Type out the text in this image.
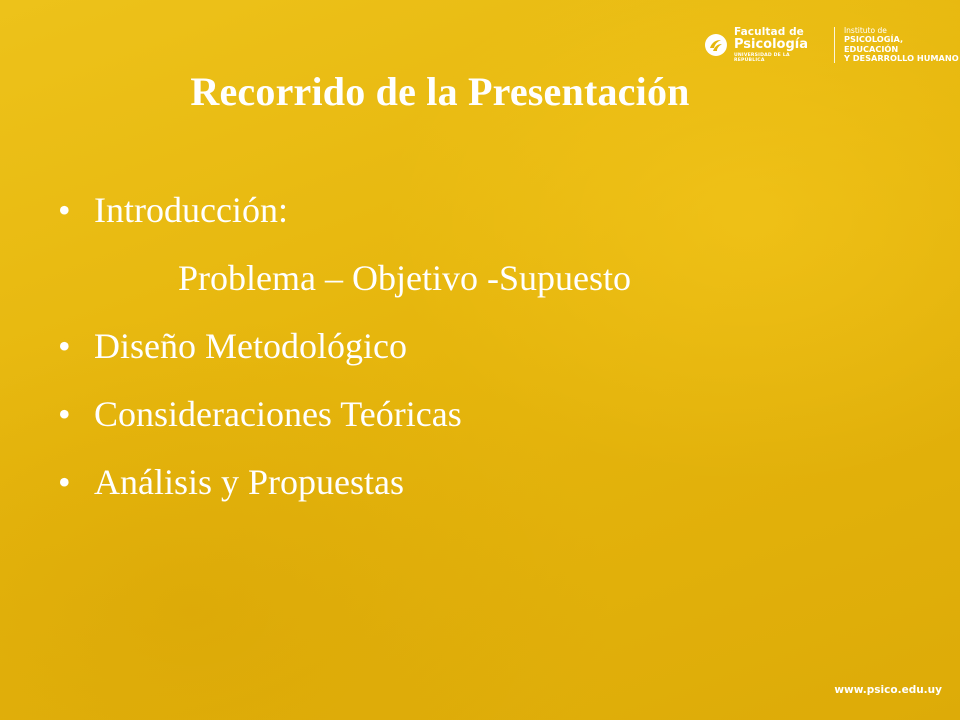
Facultad de
Psicología
UNIVERSIDAD DE LA REPÚBLICA
Instituto de
PSICOLOGÍA, EDUCACIÓN
Y DESARROLLO HUMANO
Recorrido de la Presentación
• Introducción:
Problema – Objetivo -Supuesto
• Diseño Metodológico
• Consideraciones Teóricas
• Análisis y Propuestas
www.psico.edu.uy
